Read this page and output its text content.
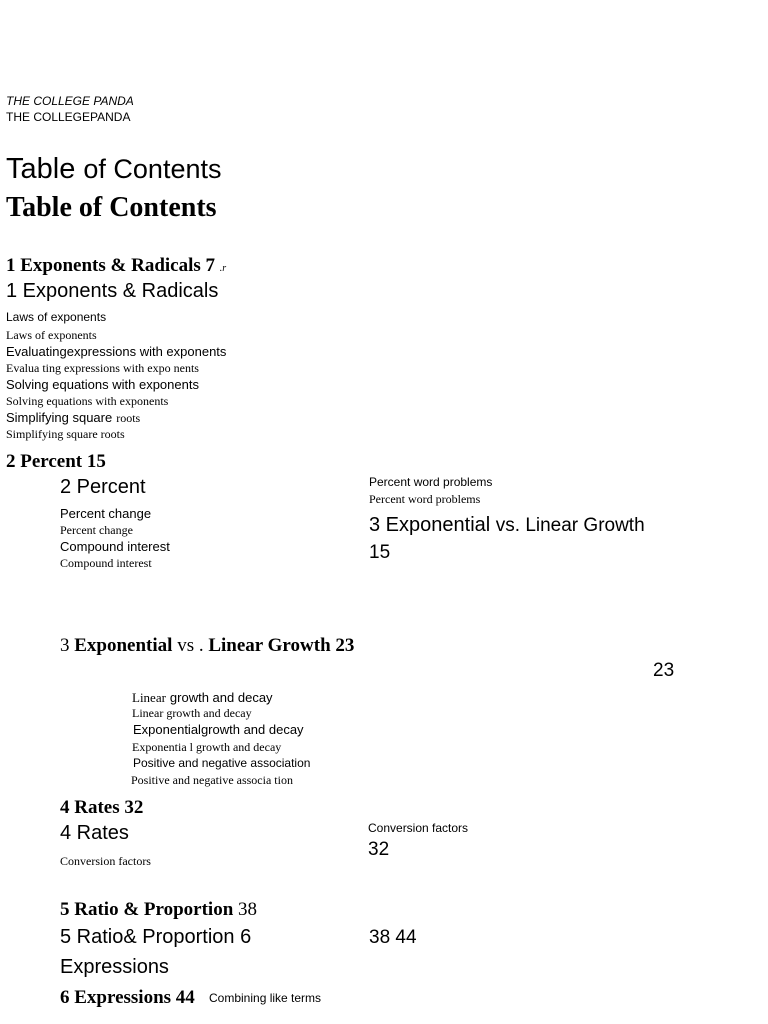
THE COLLEGE PANDA
THE COLLEGEPANDA
Table of Contents
Table of Contents
1 Exponents & Radicals 7 .r
1 Exponents & Radicals
Laws of exponents
Laws of exponents
Evaluatingexpressions with exponents
Evalua ting expressions with expo nents
Solving equations with exponents
Solving equations with exponents
Simplifying square roots
Simplifying square roots
2 Percent 15
2 Percent
Percent change
Percent change
Compound interest
Compound interest
Percent word problems
Percent word problems
3 Exponential vs. Linear Growth
15
3 Exponential vs . Linear Growth 23
23
Linear growth and decay
Linear growth and decay
Exponentialgrowth and decay
Exponentia l growth and decay
Positive and negative association
Positive and negative associa tion
4 Rates 32
4 Rates
Conversion factors
Conversion factors
32
5 Ratio & Proportion 38
5 Ratio& Proportion 6
Expressions
38 44
6 Expressions 44 Combining like terms
